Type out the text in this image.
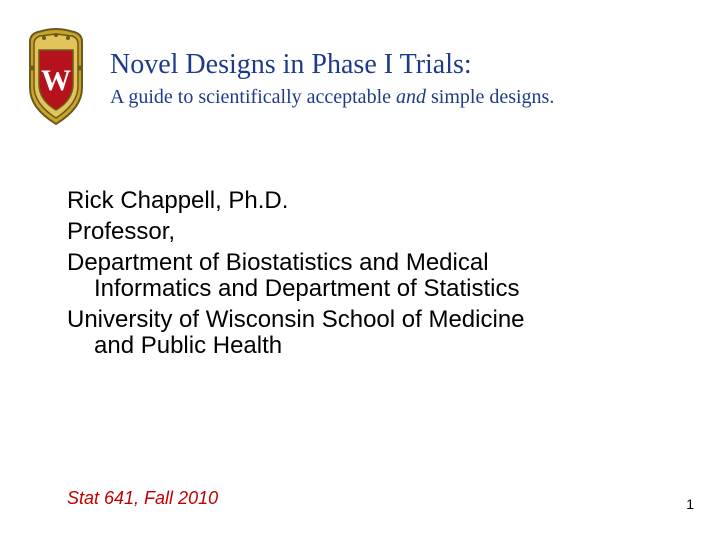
W Novel Designs in Phase I Trials:
A guide to scientifically acceptable and simple designs.

Rick Chappell, Ph.D.

Professor,

Department of Biostatistics and Medical

Informatics and Department of Statistics

University of Wisconsin School of Medicine

and Public Health

Stat 641, Fall 2010	1
